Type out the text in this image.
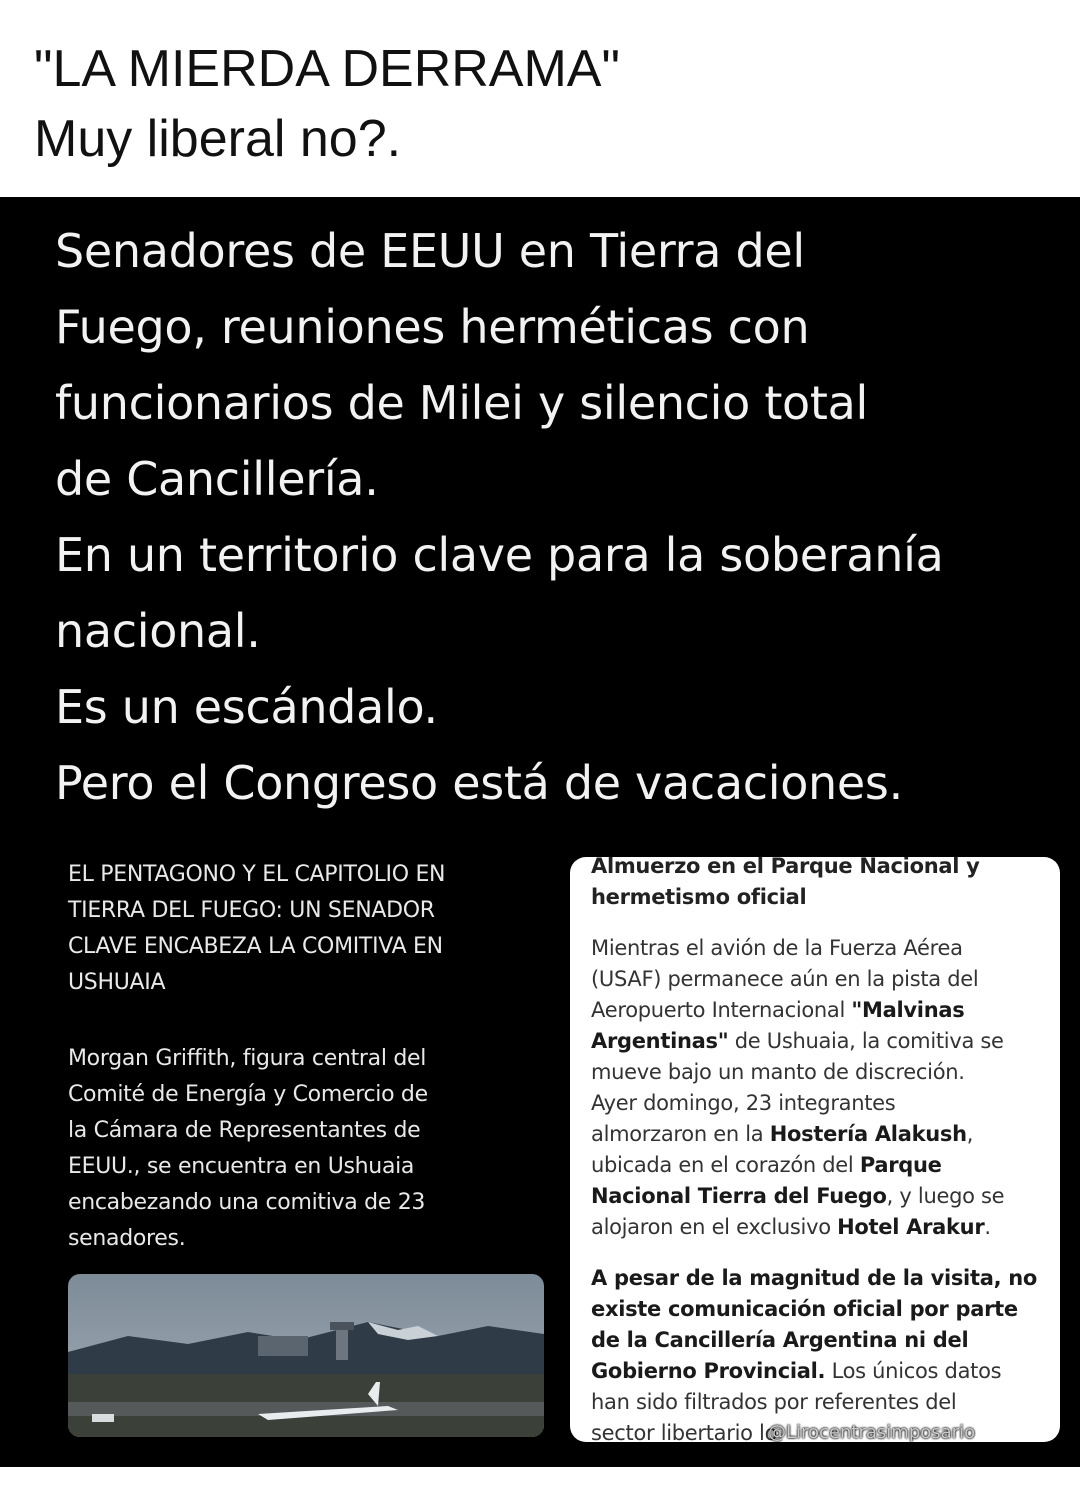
"LA MIERDA DERRAMA"
Muy liberal no?.
Senadores de EEUU en Tierra del
Fuego, reuniones herméticas con
funcionarios de Milei y silencio total
de Cancillería.
En un territorio clave para la soberanía
nacional.
Es un escándalo.
Pero el Congreso está de vacaciones.
EL PENTAGONO Y EL CAPITOLIO EN
TIERRA DEL FUEGO: UN SENADOR
CLAVE ENCABEZA LA COMITIVA EN
USHUAIA
Morgan Griffith, figura central del
Comité de Energía y Comercio de
la Cámara de Representantes de
EEUU., se encuentra en Ushuaia
encabezando una comitiva de 23
senadores.
Almuerzo en el Parque Nacional y
hermetismo oficial
Mientras el avión de la Fuerza Aérea
(USAF) permanece aún en la pista del
Aeropuerto Internacional "Malvinas
Argentinas" de Ushuaia, la comitiva se
mueve bajo un manto de discreción.
Ayer domingo, 23 integrantes
almorzaron en la Hostería Alakush,
ubicada en el corazón del Parque
Nacional Tierra del Fuego, y luego se
alojaron en el exclusivo Hotel Arakur.
A pesar de la magnitud de la visita, no
existe comunicación oficial por parte
de la Cancillería Argentina ni del
Gobierno Provincial. Los únicos datos
han sido filtrados por referentes del
sector libertario lo
@Lirocentrasimposario
